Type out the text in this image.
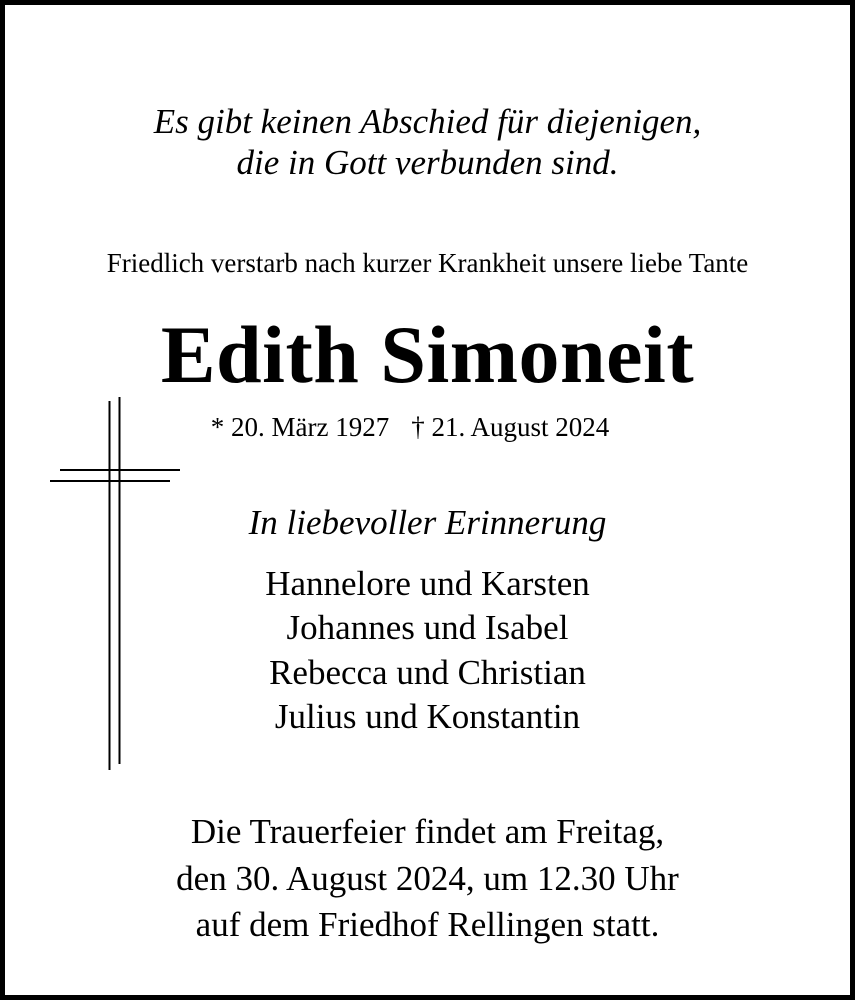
Es gibt keinen Abschied für diejenigen,

die in Gott verbunden sind.

Friedlich verstarb nach kurzer Krankheit unsere liebe Tante

Edith Simoneit
* 20. März 1927 † 21. August 2024

In liebevoller Erinnerung

Hannelore und Karsten

Johannes und Isabel

Rebecca und Christian

Julius und Konstantin

Die Trauerfeier findet am Freitag,

den 30. August 2024, um 12.30 Uhr

auf dem Friedhof Rellingen statt.
